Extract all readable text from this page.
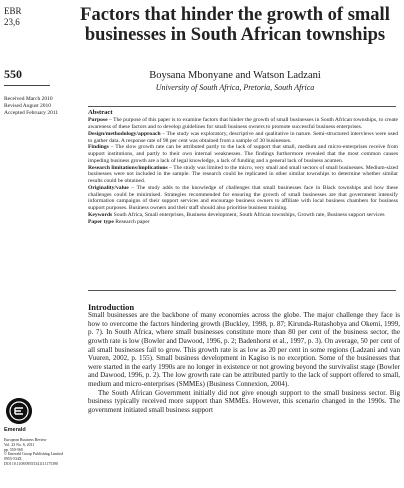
EBR
23,6
550
Received March 2010
Revised August 2010
Accepted February 2011
Factors that hinder the growth of small businesses in South African townships
Boysana Mbonyane and Watson Ladzani
University of South Africa, Pretoria, South Africa
Abstract

Purpose – The purpose of this paper is to examine factors that hinder the growth of small businesses in South African townships, to create awareness of these factors and to develop guidelines for small business owners to promote successful business enterprises.

Design/methodology/approach – The study was exploratory, descriptive and qualitative in nature. Semi-structured interviews were used to gather data. A response rate of 98 per cent was obtained from a sample of 30 businesses.

Findings – The slow growth rate can be attributed partly to the lack of support that small, medium and micro-enterprises receive from support institutions, and partly to their own internal weaknesses. The findings furthermore revealed that the most common causes impeding business growth are a lack of legal knowledge, a lack of funding and a general lack of business acumen.

Research limitations/implications – The study was limited to the micro, very small and small sectors of small businesses. Medium-sized businesses were not included in the sample. The research could be replicated in other similar townships to determine whether similar results could be obtained.

Originality/value – The study adds to the knowledge of challenges that small businesses face in Black townships and how these challenges could be minimised. Strategies recommended for ensuring the growth of small businesses are that government intensify information campaigns of their support services and encourage business owners to affiliate with local business chambers for business support purposes. Business owners and their staff should also prioritise business training.

Keywords South Africa, Small enterprises, Business development, South African townships, Growth rate, Business support services

Paper type Research paper

Introduction

Small businesses are the backbone of many economies across the globe. The major challenge they face is how to overcome the factors hindering growth (Buckley, 1998, p. 87; Kirunda-Rutashobya and Okemi, 1999, p. 7). In South Africa, where small businesses constitute more than 80 per cent of the business sector, the growth rate is low (Bowler and Dawood, 1996, p. 2; Badenhorst et al., 1997, p. 3). On average, 50 per cent of all small businesses fail to grow. This growth rate is as low as 20 per cent in some regions (Ladzani and van Vuuren, 2002, p. 155). Small business development in Kagiso is no exception. Some of the businesses that were started in the early 1990s are no longer in existence or not growing beyond the survivalist stage (Bowler and Dawood, 1996, p. 2). The low growth rate can be attributed partly to the lack of support offered to small, medium and micro-enterprises (SMMEs) (Business Connexion, 2004).

The South African Government initially did not give enough support to the small business sector. Big business typically received more support than SMMEs. However, this scenario changed in the 1990s. The government initiated small business support

Emerald
European Business Review
Vol. 23 No. 6, 2011
pp. 550-560
© Emerald Group Publishing Limited
0955-534X
DOI 10.1108/09555341111175390
